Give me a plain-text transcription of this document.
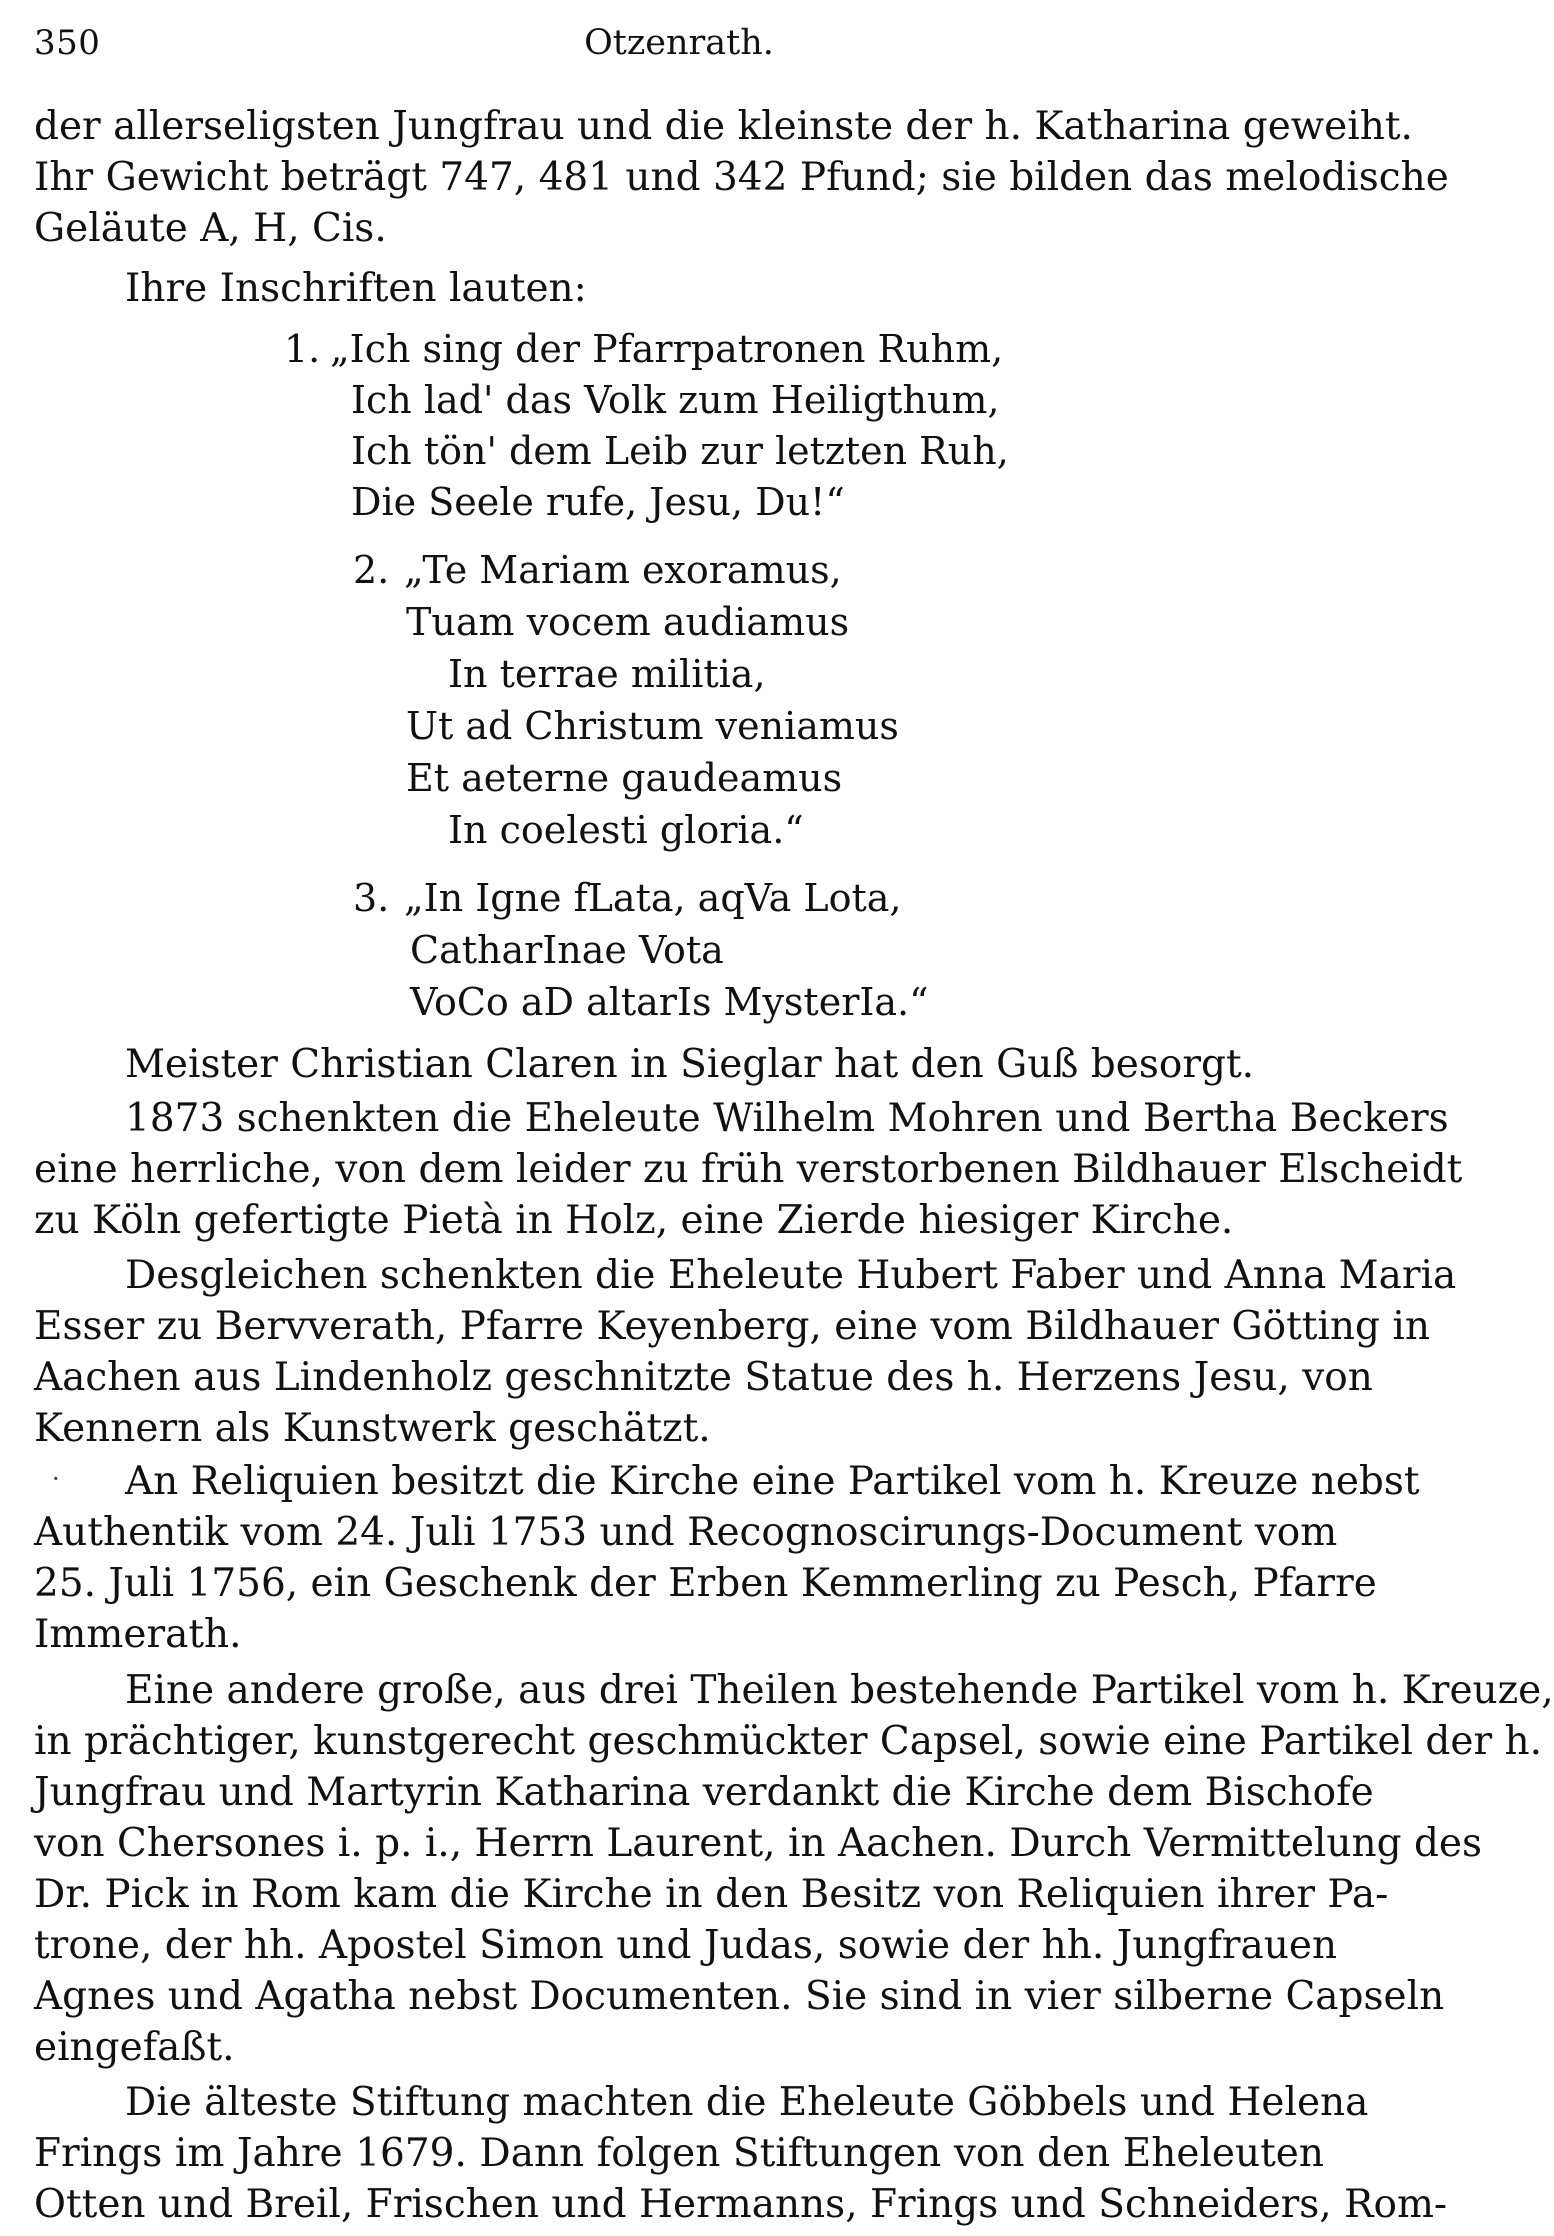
350	Otzenrath.
der allerseligsten Jungfrau und die kleinste der h. Katharina geweiht.
Ihr Gewicht beträgt 747, 481 und 342 Pfund; sie bilden das melodische
Geläute A, H, Cis.
Ihre Inschriften lauten:
1. „Ich sing der Pfarrpatronen Ruhm,
Ich lad' das Volk zum Heiligthum,
Ich tön' dem Leib zur letzten Ruh,
Die Seele rufe, Jesu, Du!“
2. „Te Mariam exoramus,
Tuam vocem audiamus
In terrae militia,
Ut ad Christum veniamus
Et aeterne gaudeamus
In coelesti gloria.“
3. „In Igne fLata, aqVa Lota,
CatharInae Vota
VoCo aD altarIs MysterIa.“
Meister Christian Claren in Sieglar hat den Guß besorgt.
1873 schenkten die Eheleute Wilhelm Mohren und Bertha Beckers
eine herrliche, von dem leider zu früh verstorbenen Bildhauer Elscheidt
zu Köln gefertigte Pietà in Holz, eine Zierde hiesiger Kirche.
Desgleichen schenkten die Eheleute Hubert Faber und Anna Maria
Esser zu Bervverath, Pfarre Keyenberg, eine vom Bildhauer Götting in
Aachen aus Lindenholz geschnitzte Statue des h. Herzens Jesu, von
Kennern als Kunstwerk geschätzt.
· An Reliquien besitzt die Kirche eine Partikel vom h. Kreuze nebst
Authentik vom 24. Juli 1753 und Recognoscirungs-Document vom
25. Juli 1756, ein Geschenk der Erben Kemmerling zu Pesch, Pfarre
Immerath.
Eine andere große, aus drei Theilen bestehende Partikel vom h. Kreuze,
in prächtiger, kunstgerecht geschmückter Capsel, sowie eine Partikel der h.
Jungfrau und Martyrin Katharina verdankt die Kirche dem Bischofe
von Chersones i. p. i., Herrn Laurent, in Aachen. Durch Vermittelung des
Dr. Pick in Rom kam die Kirche in den Besitz von Reliquien ihrer Pa-
trone, der hh. Apostel Simon und Judas, sowie der hh. Jungfrauen
Agnes und Agatha nebst Documenten. Sie sind in vier silberne Capseln
eingefaßt.
Die älteste Stiftung machten die Eheleute Göbbels und Helena
Frings im Jahre 1679. Dann folgen Stiftungen von den Eheleuten
Otten und Breil, Frischen und Hermanns, Frings und Schneiders, Rom-
